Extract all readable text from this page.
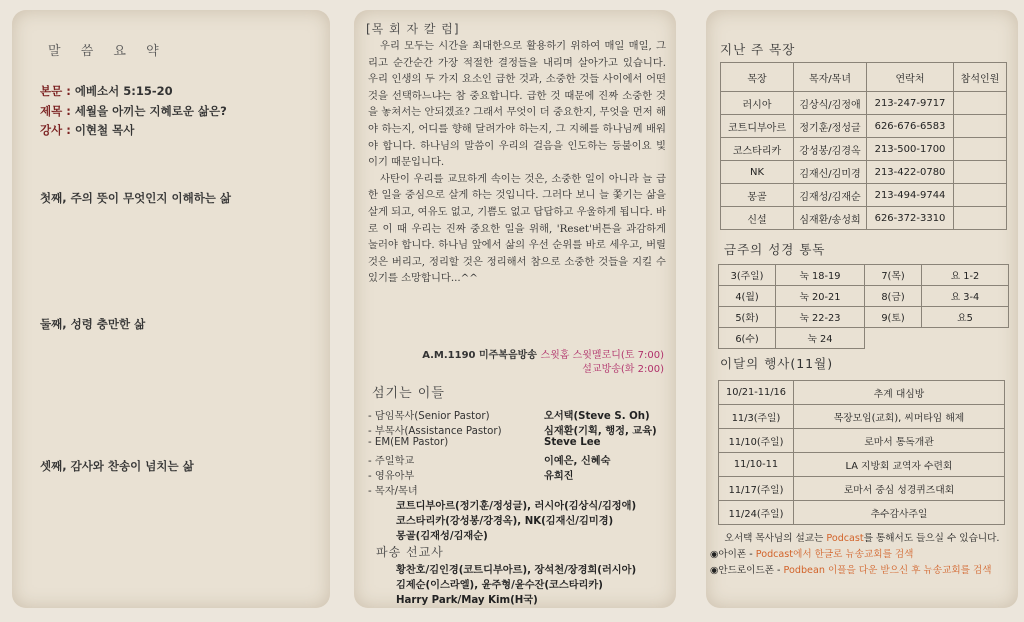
말 씀 요 약
본문 : 에베소서 5:15-20
제목 : 세월을 아끼는 지혜로운 삶은?
강사 : 이현철 목사
첫째, 주의 뜻이 무엇인지 이해하는 삶
둘째, 성령 충만한 삶
셋째, 감사와 찬송이 넘치는 삶
[목 회 자 칼 럼]

우리 모두는 시간을 최대한으로 활용하기 위하여 매일 매일, 그리고 순간순간 가장 적절한 결정들을 내리며 살아가고 있습니다. 우리 인생의 두 가지 요소인 급한 것과, 소중한 것들 사이에서 어떤 것을 선택하느냐는 참 중요합니다. 급한 것 때문에 진짜 소중한 것을 놓쳐서는 안되겠죠? 그래서 무엇이 더 중요한지, 무엇을 먼저 해야 하는지, 어디를 향해 달려가야 하는지, 그 지혜를 하나님께 배워야 합니다. 하나님의 말씀이 우리의 걸음을 인도하는 등불이요 빛이기 때문입니다.

사탄이 우리를 교묘하게 속이는 것은, 소중한 일이 아니라 늘 급한 일을 중심으로 살게 하는 것입니다. 그러다 보니 늘 쫓기는 삶을 살게 되고, 여유도 없고, 기쁨도 없고 답답하고 우울하게 됩니다. 바로 이 때 우리는 진짜 중요한 일을 위해, 'Reset'버튼을 과감하게 눌러야 합니다. 하나님 앞에서 삶의 우선 순위를 바로 세우고, 버릴 것은 버리고, 정리할 것은 정리해서 참으로 소중한 것들을 지킬 수 있기를 소망합니다...^^

A.M.1190 미주복음방송 스윗홈 스윗멜로디(토 7:00)
설교방송(화 2:00)
섬기는 이들
- 담임목사(Senior Pastor)	오서택(Steve S. Oh)
- 부목사(Assistance Pastor)	심재환(기획, 행정, 교육)
- EM(EM Pastor)	Steve Lee
- 주일학교	이예은, 신혜숙
- 영유아부	유희진
- 목자/목녀
코트디부아르(정기훈/정성글), 러시아(김상식/김정애)
코스타리카(강성봉/강경옥), NK(김재신/김미경)
몽골(김재성/김재순)
파송 선교사
황찬호/김인경(코트디부아르), 장석천/장경희(러시아)
김제순(이스라엘), 윤주형/윤수잔(코스타리카)
Harry Park/May Kim(H국)
지난 주 목장
목장	목자/목녀	연락처	참석인원
러시아	김상식/김정애	213-247-9717	
코트디부아르	정기훈/정성글	626-676-6583	
코스타리카	강성봉/김경옥	213-500-1700	
NK	김재신/김미경	213-422-0780	
몽골	김재성/김재순	213-494-9744	
신설	심재환/송성희	626-372-3310	
금주의 성경 통독
3(주일)	눅 18-19	7(목)	요 1-2
4(월)	눅 20-21	8(금)	요 3-4
5(화)	눅 22-23	9(토)	요5
6(수)	눅 24		
이달의 행사(11월)
10/21-11/16	추계 대심방
11/3(주일)	목장모임(교회), 씨머타임 해제
11/10(주일)	로마서 통독개관
11/10-11	LA 지방회 교역자 수련회
11/17(주일)	로마서 중심 성경퀴즈대회
11/24(주일)	추수감사주일
오서택 목사님의 설교는 Podcast를 통해서도 들으실 수 있습니다.
◉아이폰 - Podcast에서 한글로 뉴송교회를 검색
◉안드로이드폰 - Podbean 이플을 다운 받으신 후 뉴송교회를 검색
